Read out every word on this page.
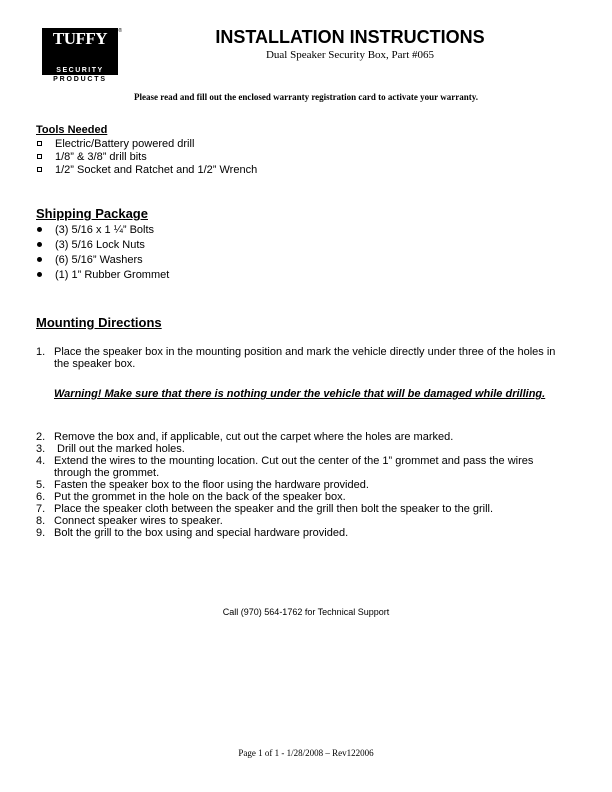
TUFFY	®
SECURITY
PRODUCTS
INSTALLATION INSTRUCTIONS
Dual Speaker Security Box, Part #065
Please read and fill out the enclosed warranty registration card to activate your warranty.
Tools Needed
Electric/Battery powered drill
1/8” & 3/8” drill bits
1/2” Socket and Ratchet and 1/2” Wrench
Shipping Package
(3) 5/16 x 1 ¼” Bolts
(3) 5/16 Lock Nuts
(6) 5/16” Washers
(1) 1” Rubber Grommet
Mounting Directions
1. Place the speaker box in the mounting position and mark the vehicle directly under three of the holes in the speaker box.
Warning! Make sure that there is nothing under the vehicle that will be damaged while drilling.
2. Remove the box and, if applicable, cut out the carpet where the holes are marked.
3. Drill out the marked holes.
4. Extend the wires to the mounting location. Cut out the center of the 1” grommet and pass the wires through the grommet.
5. Fasten the speaker box to the floor using the hardware provided.
6. Put the grommet in the hole on the back of the speaker box.
7. Place the speaker cloth between the speaker and the grill then bolt the speaker to the grill.
8. Connect speaker wires to speaker.
9. Bolt the grill to the box using and special hardware provided.
Call (970) 564-1762 for Technical Support
Page 1 of 1 - 1/28/2008 – Rev122006
